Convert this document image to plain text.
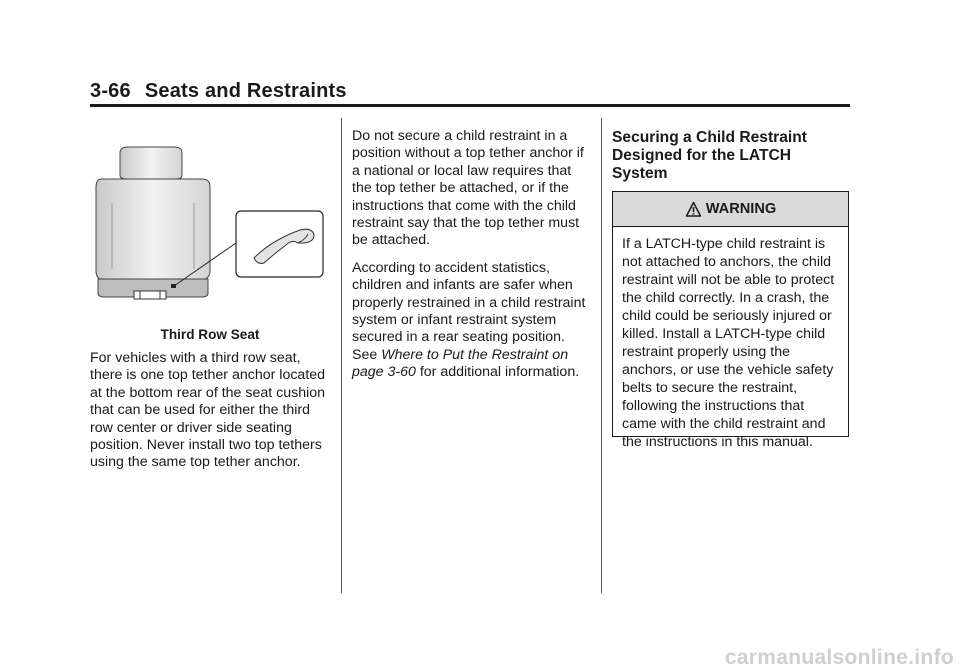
3-66 Seats and Restraints
Third Row Seat

For vehicles with a third row seat, there is one top tether anchor located at the bottom rear of the seat cushion that can be used for either the third row center or driver side seating position. Never install two top tethers using the same top tether anchor.

Do not secure a child restraint in a position without a top tether anchor if a national or local law requires that the top tether be attached, or if the instructions that come with the child restraint say that the top tether must be attached.

According to accident statistics, children and infants are safer when properly restrained in a child restraint system or infant restraint system secured in a rear seating position. See Where to Put the Restraint on page 3-60 for additional information.

Securing a Child Restraint Designed for the LATCH System
WARNING
If a LATCH-type child restraint is not attached to anchors, the child restraint will not be able to protect the child correctly. In a crash, the child could be seriously injured or killed. Install a LATCH-type child restraint properly using the anchors, or use the vehicle safety belts to secure the restraint, following the instructions that came with the child restraint and the instructions in this manual.
carmanualsonline.info
